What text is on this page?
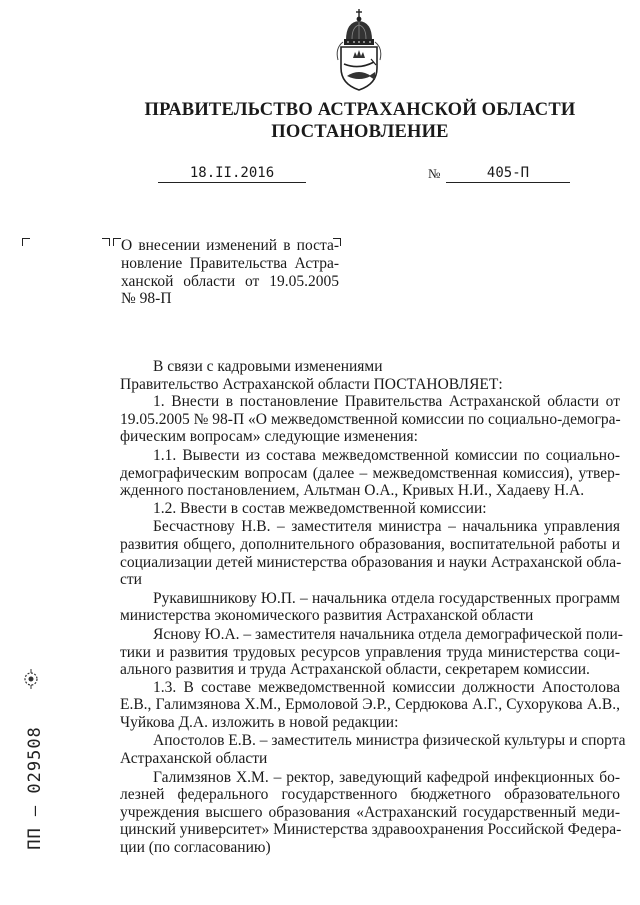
ПРАВИТЕЛЬСТВО АСТРАХАНСКОЙ ОБЛАСТИ
ПОСТАНОВЛЕНИЕ
18.II.2016	№	405-П
О внесении изменений в поста-
новление Правительства Астра-
ханской области от 19.05.2005
№ 98-П
В связи с кадровыми изменениями
Правительство Астраханской области ПОСТАНОВЛЯЕТ:
1. Внести в постановление Правительства Астраханской области от
19.05.2005 № 98-П «О межведомственной комиссии по социально-демогра-
фическим вопросам» следующие изменения:
1.1. Вывести из состава межведомственной комиссии по социально-
демографическим вопросам (далее – межведомственная комиссия), утвер-
жденного постановлением, Альтман О.А., Кривых Н.И., Хадаеву Н.А.
1.2. Ввести в состав межведомственной комиссии:
Бесчастнову Н.В. – заместителя министра – начальника управления
развития общего, дополнительного образования, воспитательной работы и
социализации детей министерства образования и науки Астраханской обла-
сти
Рукавишникову Ю.П. – начальника отдела государственных программ
министерства экономического развития Астраханской области
Яснову Ю.А. – заместителя начальника отдела демографической поли-
тики и развития трудовых ресурсов управления труда министерства соци-
ального развития и труда Астраханской области, секретарем комиссии.
1.3. В составе межведомственной комиссии должности Апостолова
Е.В., Галимзянова Х.М., Ермоловой Э.Р., Сердюкова А.Г., Сухорукова А.В.,
Чуйкова Д.А. изложить в новой редакции:
Апостолов Е.В. – заместитель министра физической культуры и спорта
Астраханской области
Галимзянов Х.М. – ректор, заведующий кафедрой инфекционных бо-
лезней федерального государственного бюджетного образовательного
учреждения высшего образования «Астраханский государственный меди-
цинский университет» Министерства здравоохранения Российской Федера-
ции (по согласованию)
ПП – 029508
